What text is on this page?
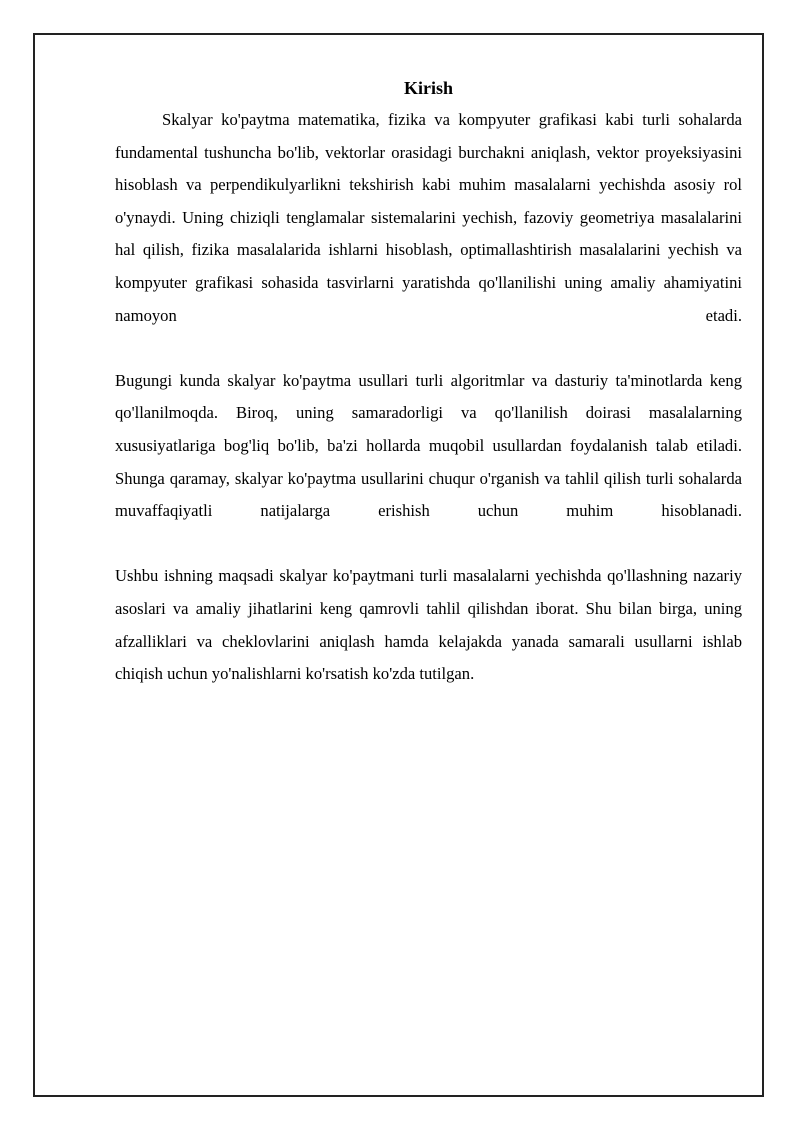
Kirish

Skalyar ko'paytma matematika, fizika va kompyuter grafikasi kabi turli sohalarda fundamental tushuncha bo'lib, vektorlar orasidagi burchakni aniqlash, vektor proyeksiyasini hisoblash va perpendikulyarlikni tekshirish kabi muhim masalalarni yechishda asosiy rol o'ynaydi. Uning chiziqli tenglamalar sistemalarini yechish, fazoviy geometriya masalalarini hal qilish, fizika masalalarida ishlarni hisoblash, optimallashtirish masalalarini yechish va kompyuter grafikasi sohasida tasvirlarni yaratishda qo'llanilishi uning amaliy ahamiyatini namoyon etadi.

Bugungi kunda skalyar ko'paytma usullari turli algoritmlar va dasturiy ta'minotlarda keng qo'llanilmoqda. Biroq, uning samaradorligi va qo'llanilish doirasi masalalarning xususiyatlariga bog'liq bo'lib, ba'zi hollarda muqobil usullardan foydalanish talab etiladi. Shunga qaramay, skalyar ko'paytma usullarini chuqur o'rganish va tahlil qilish turli sohalarda muvaffaqiyatli natijalarga erishish uchun muhim hisoblanadi.

Ushbu ishning maqsadi skalyar ko'paytmani turli masalalarni yechishda qo'llashning nazariy asoslari va amaliy jihatlarini keng qamrovli tahlil qilishdan iborat. Shu bilan birga, uning afzalliklari va cheklovlarini aniqlash hamda kelajakda yanada samarali usullarni ishlab chiqish uchun yo'nalishlarni ko'rsatish ko'zda tutilgan.
